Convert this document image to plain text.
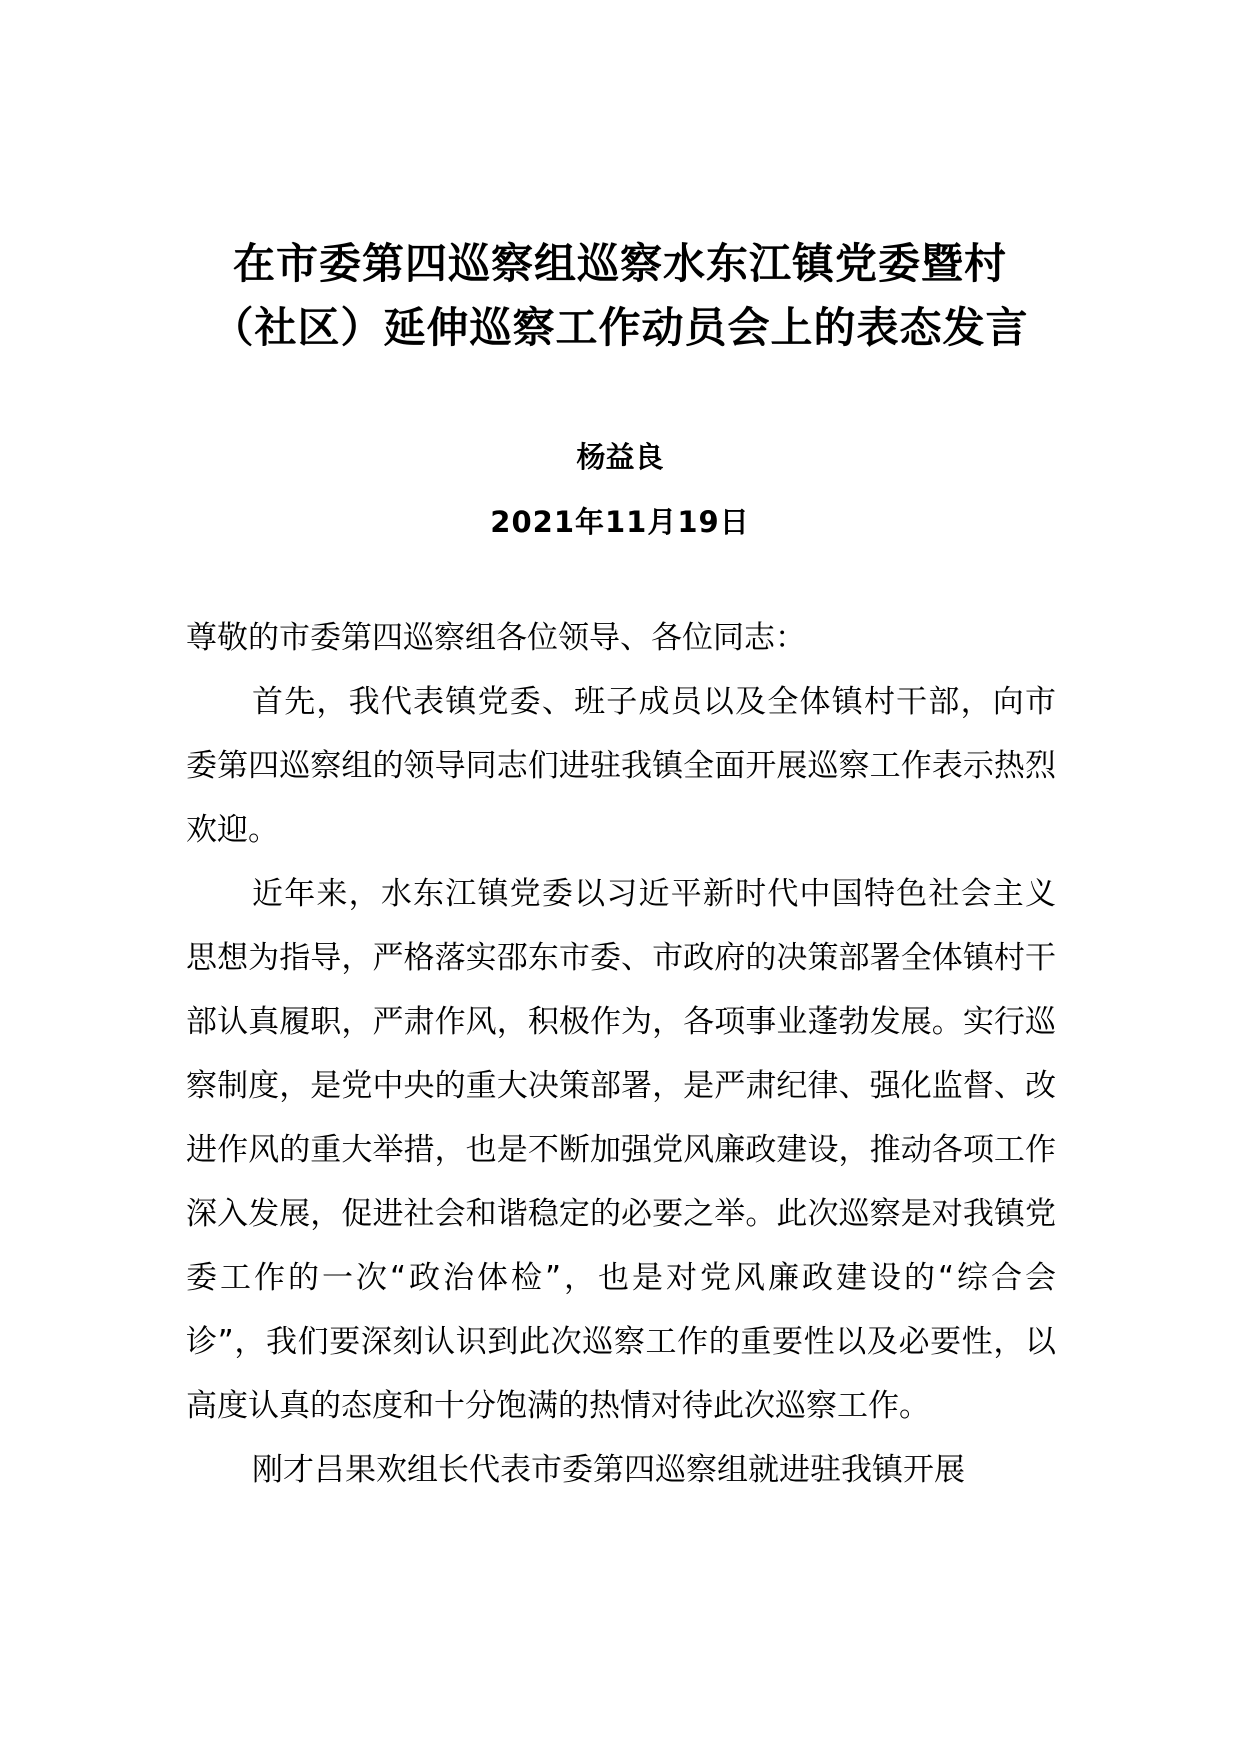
在市委第四巡察组巡察水东江镇党委暨村（社区）延伸巡察工作动员会上的表态发言
杨益良
2021年11月19日

尊敬的市委第四巡察组各位领导、各位同志：

首先，我代表镇党委、班子成员以及全体镇村干部，向市委第四巡察组的领导同志们进驻我镇全面开展巡察工作表示热烈欢迎。

近年来，水东江镇党委以习近平新时代中国特色社会主义思想为指导，严格落实邵东市委、市政府的决策部署全体镇村干部认真履职，严肃作风，积极作为，各项事业蓬勃发展。实行巡察制度，是党中央的重大决策部署，是严肃纪律、强化监督、改进作风的重大举措，也是不断加强党风廉政建设，推动各项工作深入发展，促进社会和谐稳定的必要之举。此次巡察是对我镇党委工作的一次“政治体检”，也是对党风廉政建设的“综合会诊”，我们要深刻认识到此次巡察工作的重要性以及必要性，以高度认真的态度和十分饱满的热情对待此次巡察工作。

刚才吕果欢组长代表市委第四巡察组就进驻我镇开展
